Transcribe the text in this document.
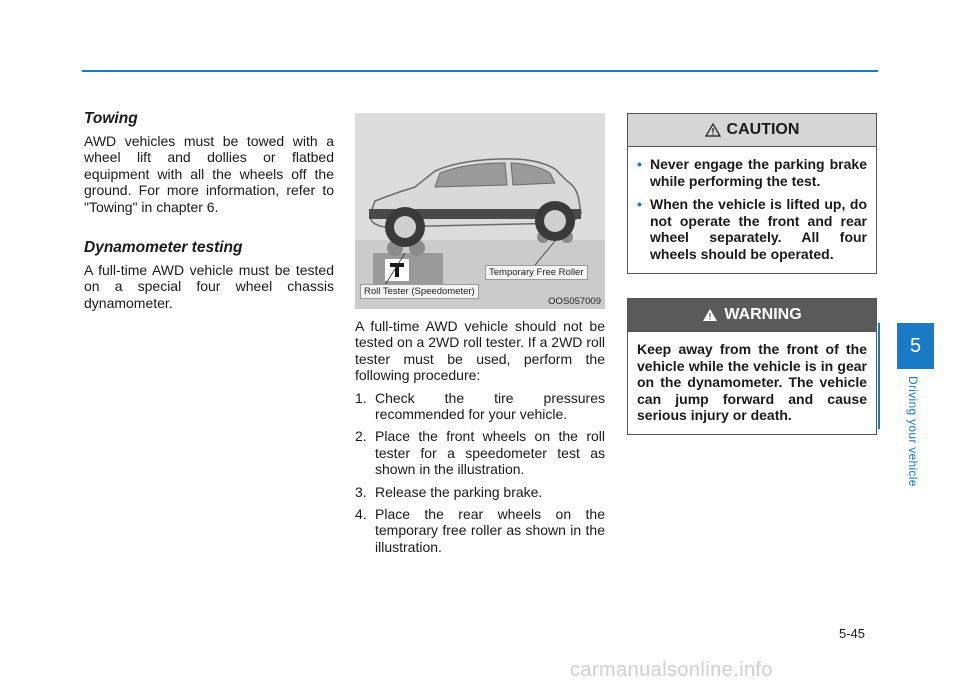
Towing

AWD vehicles must be towed with a wheel lift and dollies or flatbed equipment with all the wheels off the ground. For more information, refer to "Towing" in chapter 6.

Dynamometer testing

A full-time AWD vehicle must be tested on a special four wheel chassis dynamometer.

Temporary Free Roller
Roll Tester (Speedometer)
OOS057009

A full-time AWD vehicle should not be tested on a 2WD roll tester. If a 2WD roll tester must be used, perform the following procedure:

1. Check the tire pressures recommended for your vehicle.
2. Place the front wheels on the roll tester for a speedometer test as shown in the illustration.
3. Release the parking brake.
4. Place the rear wheels on the temporary free roller as shown in the illustration.
CAUTION
• Never engage the parking brake while performing the test.
• When the vehicle is lifted up, do not operate the front and rear wheel separately. All four wheels should be operated.
WARNING

Keep away from the front of the vehicle while the vehicle is in gear on the dynamometer. The vehicle can jump forward and cause serious injury or death.

5
Driving your vehicle
5-45
carmanualsonline.info
